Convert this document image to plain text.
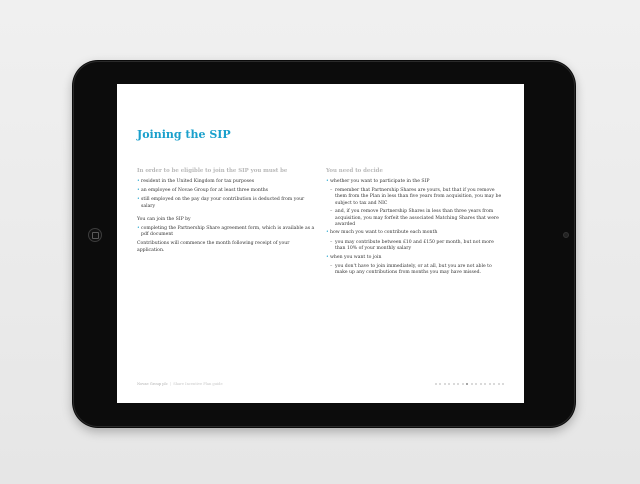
Joining the SIP
In order to be eligible to join the SIP you must be
• resident in the United Kingdom for tax purposes
• an employee of Novae Group for at least three months
• still employed on the pay day your contribution is deducted from your salary
You can join the SIP by
• completing the Partnership Share agreement form, which is available as a pdf document
Contributions will commence the month following receipt of your application.
You need to decide
• whether you want to participate in the SIP
– remember that Partnership Shares are yours, but that if you remove them from the Plan in less than five years from acquisition, you may be subject to tax and NIC
– and, if you remove Partnership Shares in less than three years from acquisition, you may forfeit the associated Matching Shares that were awarded
• how much you want to contribute each month
– you may contribute between £10 and £150 per month, but not more than 10% of your monthly salary
• when you want to join
– you don't have to join immediately, or at all, but you are not able to make up any contributions from months you may have missed.
Novae Group plc | Share Incentive Plan guide
